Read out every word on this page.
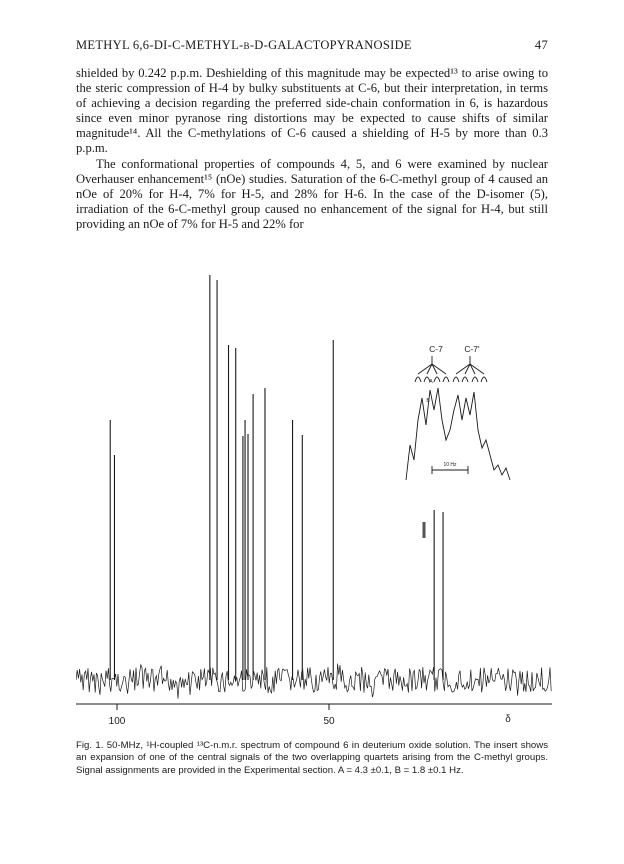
METHYL 6,6-DI-C-METHYL-β-D-GALACTOPYRANOSIDE	47

shielded by 0.242 p.p.m. Deshielding of this magnitude may be expected¹³ to arise owing to the steric compression of H-4 by bulky substituents at C-6, but their interpretation, in terms of achieving a decision regarding the preferred side-chain conformation in 6, is hazardous since even minor pyranose ring distortions may be expected to cause shifts of similar magnitude¹⁴. All the C-methylations of C-6 caused a shielding of H-5 by more than 0.3 p.p.m.

The conformational properties of compounds 4, 5, and 6 were examined by nuclear Overhauser enhancement¹⁵ (nOe) studies. Saturation of the 6-C-methyl group of 4 caused an nOe of 20% for H-4, 7% for H-5, and 28% for H-6. In the case of the D-isomer (5), irradiation of the 6-C-methyl group caused no enhancement of the signal for H-4, but still providing an nOe of 7% for H-5 and 22% for

C-7	C-7'
A
B
10 Hz
100	50	δ

Fig. 1. 50-MHz, ¹H-coupled ¹³C-n.m.r. spectrum of compound 6 in deuterium oxide solution. The insert shows an expansion of one of the central signals of the two overlapping quartets arising from the C-methyl groups. Signal assignments are provided in the Experimental section. A = 4.3 ±0.1, B = 1.8 ±0.1 Hz.
